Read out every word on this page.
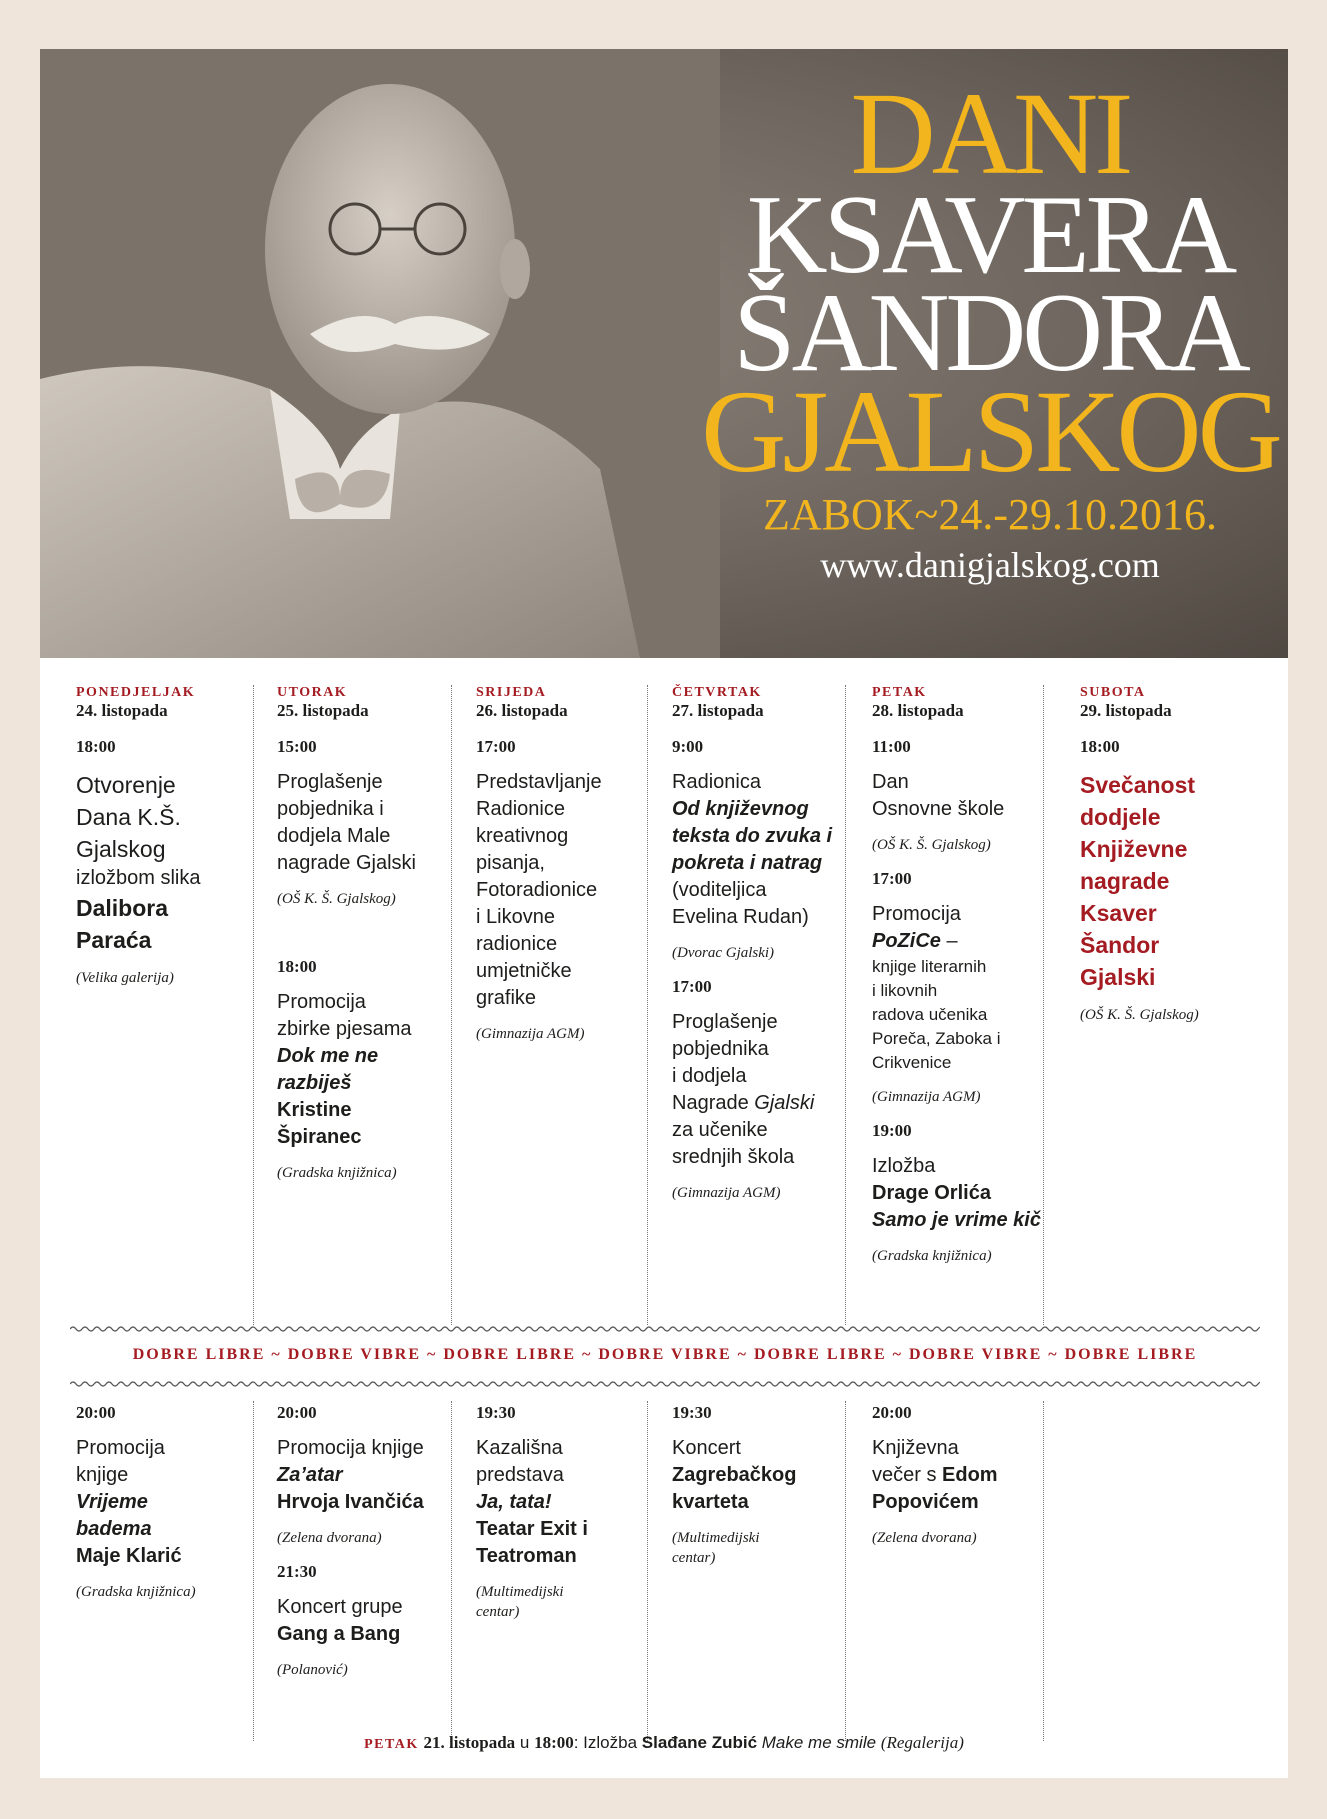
DANI
KSAVERA
ŠANDORA
GJALSKOG
ZABOK~24.-29.10.2016.
www.danigjalskog.com
PONEDJELJAK
24. listopada
18:00
Otvorenje
Dana K.Š.
Gjalskog
izložbom slika
Dalibora
Paraća
(Velika galerija)
UTORAK
25. listopada
15:00
Proglašenje
pobjednika i
dodjela Male
nagrade Gjalski
(OŠ K. Š. Gjalskog)
18:00
Promocija
zbirke pjesama
Dok me ne
razbiješ
Kristine
Špiranec
(Gradska knjižnica)
SRIJEDA
26. listopada
17:00
Predstavljanje
Radionice
kreativnog
pisanja,
Fotoradionice
i Likovne
radionice
umjetničke
grafike
(Gimnazija AGM)
ČETVRTAK
27. listopada
9:00
Radionica
Od književnog
teksta do zvuka i
pokreta i natrag
(voditeljica
Evelina Rudan)
(Dvorac Gjalski)
17:00
Proglašenje
pobjednika
i dodjela
Nagrade Gjalski
za učenike
srednjih škola
(Gimnazija AGM)
PETAK
28. listopada
11:00
Dan
Osnovne škole
(OŠ K. Š. Gjalskog)
17:00
Promocija
PoZiCe –
knjige literarnih
i likovnih
radova učenika
Poreča, Zaboka i
Crikvenice
(Gimnazija AGM)
19:00
Izložba
Drage Orlića
Samo je vrime kič
(Gradska knjižnica)
SUBOTA
29. listopada
18:00
Svečanost
dodjele
Književne
nagrade
Ksaver
Šandor
Gjalski
(OŠ K. Š. Gjalskog)
DOBRE LIBRE ~ DOBRE VIBRE ~ DOBRE LIBRE ~ DOBRE VIBRE ~ DOBRE LIBRE ~ DOBRE VIBRE ~ DOBRE LIBRE
20:00
Promocija
knjige
Vrijeme
badema
Maje Klarić
(Gradska knjižnica)
20:00
Promocija knjige
Za’atar
Hrvoja Ivančića
(Zelena dvorana)
21:30
Koncert grupe
Gang a Bang
(Polanović)
19:30
Kazališna
predstava
Ja, tata!
Teatar Exit i
Teatroman
(Multimedijski
centar)
19:30
Koncert
Zagrebačkog
kvarteta
(Multimedijski
centar)
20:00
Književna
večer s Edom
Popovićem
(Zelena dvorana)
PETAK 21. listopada u 18:00: Izložba Slađane Zubić Make me smile (Regalerija)
